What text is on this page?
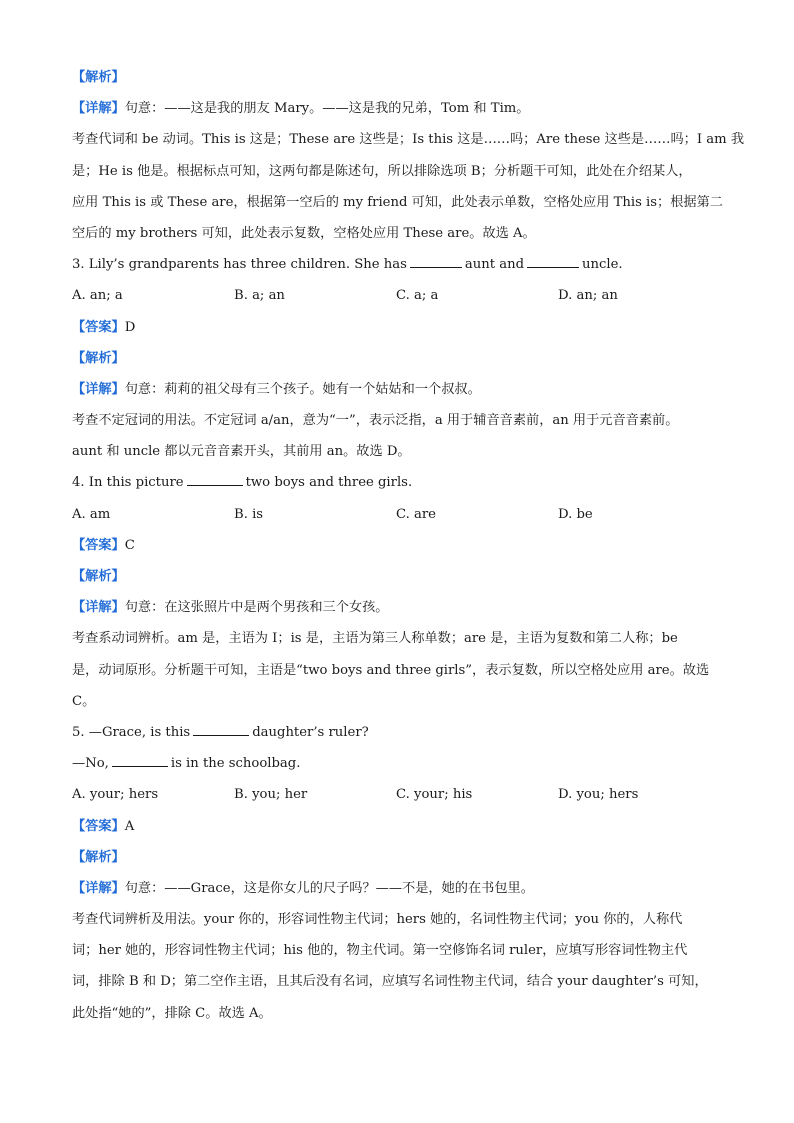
【解析】
【详解】句意：——这是我的朋友 Mary。——这是我的兄弟，Tom 和 Tim。
考查代词和 be 动词。This is 这是；These are 这些是；Is this 这是……吗；Are these 这些是……吗；I am 我
是；He is 他是。根据标点可知，这两句都是陈述句，所以排除选项 B；分析题干可知，此处在介绍某人，
应用 This is 或 These are，根据第一空后的 my friend 可知，此处表示单数，空格处应用 This is；根据第二
空后的 my brothers 可知，此处表示复数，空格处应用 These are。故选 A。
3. Lily’s grandparents has three children. She has	aunt and	uncle.
A. an; a	B. a; an	C. a; a	D. an; an
【答案】D
【解析】
【详解】句意：莉莉的祖父母有三个孩子。她有一个姑姑和一个叔叔。
考查不定冠词的用法。不定冠词 a/an，意为“一”，表示泛指，a 用于辅音音素前，an 用于元音音素前。
aunt 和 uncle 都以元音音素开头，其前用 an。故选 D。
4. In this picture	two boys and three girls.
A. am	B. is	C. are	D. be
【答案】C
【解析】
【详解】句意：在这张照片中是两个男孩和三个女孩。
考查系动词辨析。am 是，主语为 I；is 是，主语为第三人称单数；are 是，主语为复数和第二人称；be
是，动词原形。分析题干可知，主语是“two boys and three girls”，表示复数，所以空格处应用 are。故选
C。
5. —Grace, is this	daughter’s ruler?
—No,	is in the schoolbag.
A. your; hers	B. you; her	C. your; his	D. you; hers
【答案】A
【解析】
【详解】句意：——Grace，这是你女儿的尺子吗？——不是，她的在书包里。
考查代词辨析及用法。your 你的，形容词性物主代词；hers 她的，名词性物主代词；you 你的，人称代
词；her 她的，形容词性物主代词；his 他的，物主代词。第一空修饰名词 ruler，应填写形容词性物主代
词，排除 B 和 D；第二空作主语，且其后没有名词，应填写名词性物主代词，结合 your daughter’s 可知，
此处指“她的”，排除 C。故选 A。
